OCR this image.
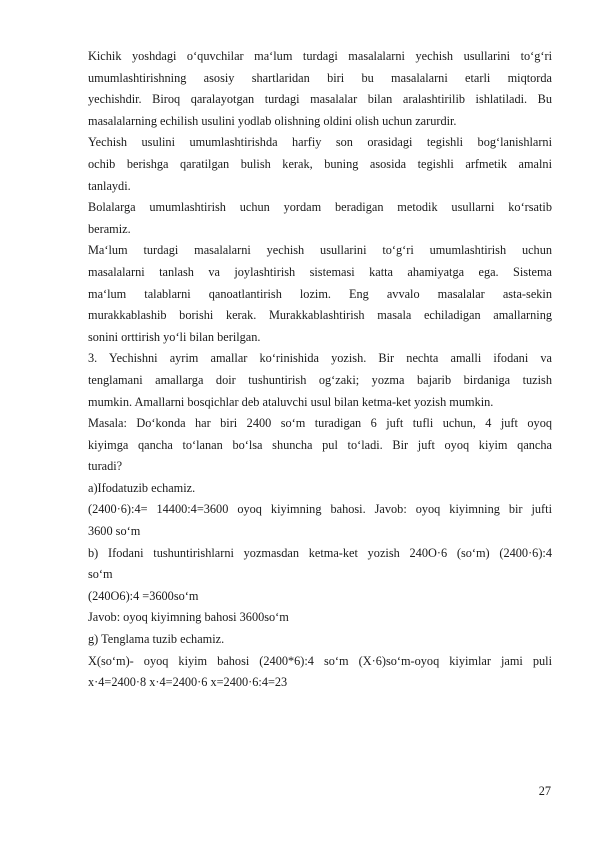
Kichik yoshdagi o‘quvchilar ma‘lum turdagi masalalarni yechish usullarini to‘g‘ri
umumlashtirishning asosiy shartlaridan biri bu masalalarni etarli miqtorda
yechishdir. Biroq qaralayotgan turdagi masalalar bilan aralashtirilib ishlatiladi. Bu
masalalarning echilish usulini yodlab olishning oldini olish uchun zarurdir.
Yechish usulini umumlashtirishda harfiy son orasidagi tegishli bog‘lanishlarni
ochib berishga qaratilgan bulish kerak, buning asosida tegishli arfmetik amalni
tanlaydi.
Bolalarga umumlashtirish uchun yordam beradigan metodik usullarni ko‘rsatib
beramiz.
Ma‘lum turdagi masalalarni yechish usullarini to‘g‘ri umumlashtirish uchun
masalalarni tanlash va joylashtirish sistemasi katta ahamiyatga ega. Sistema
ma‘lum talablarni qanoatlantirish lozim. Eng avvalo masalalar asta-sekin
murakkablashib borishi kerak. Murakkablashtirish masala echiladigan amallarning
sonini orttirish yo‘li bilan berilgan.
3. Yechishni ayrim amallar ko‘rinishida yozish. Bir nechta amalli ifodani va
tenglamani amallarga doir tushuntirish og‘zaki; yozma bajarib birdaniga tuzish
mumkin. Amallarni bosqichlar deb ataluvchi usul bilan ketma-ket yozish mumkin.
Masala: Do‘konda har biri 2400 so‘m turadigan 6 juft tufli uchun, 4 juft oyoq
kiyimga qancha to‘lanan bo‘lsa shuncha pul to‘ladi. Bir juft oyoq kiyim qancha
turadi?
a)Ifodatuzib echamiz.
(2400·6):4= 14400:4=3600 oyoq kiyimning bahosi. Javob: oyoq kiyimning bir jufti
3600 so‘m
b) Ifodani tushuntirishlarni yozmasdan ketma-ket yozish 240O·6 (so‘m) (2400·6):4
so‘m
(240O6):4 =3600so‘m
Javob: oyoq kiyimning bahosi 3600so‘m
g) Tenglama tuzib echamiz.
X(so‘m)- oyoq kiyim bahosi (2400*6):4 so‘m (X·6)so‘m-oyoq kiyimlar jami puli
x·4=2400·8 x·4=2400·6 x=2400·6:4=23
27
